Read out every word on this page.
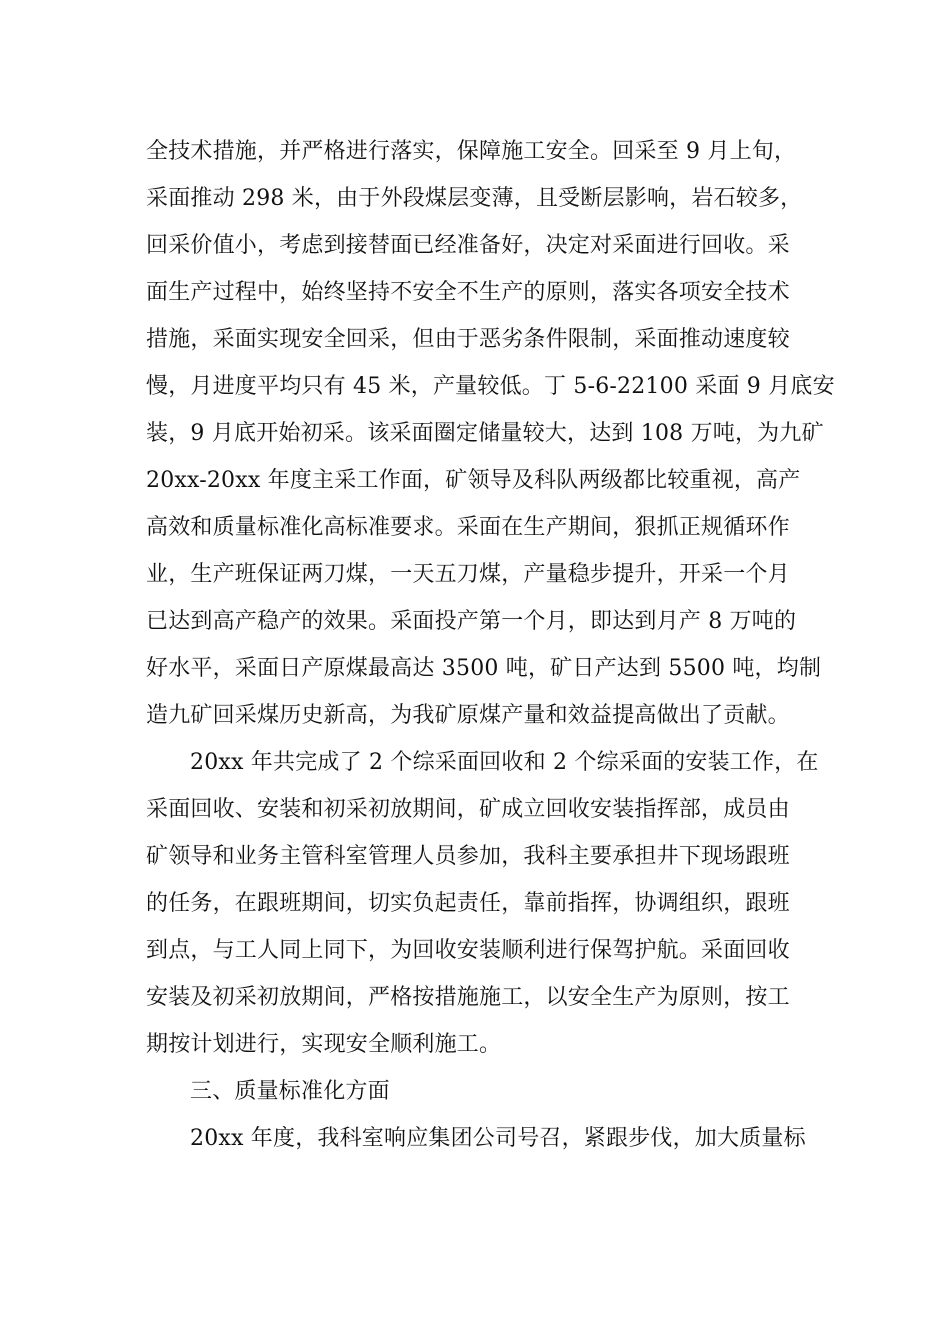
全技术措施，并严格进行落实，保障施工安全。回采至 9 月上旬，
采面推动 298 米，由于外段煤层变薄，且受断层影响，岩石较多，
回采价值小，考虑到接替面已经准备好，决定对采面进行回收。采
面生产过程中，始终坚持不安全不生产的原则，落实各项安全技术
措施，采面实现安全回采，但由于恶劣条件限制，采面推动速度较
慢，月进度平均只有 45 米，产量较低。丁 5-6-22100 采面 9 月底安
装，9 月底开始初采。该采面圈定储量较大，达到 108 万吨，为九矿
20xx-20xx 年度主采工作面，矿领导及科队两级都比较重视，高产
高效和质量标准化高标准要求。采面在生产期间，狠抓正规循环作
业，生产班保证两刀煤，一天五刀煤，产量稳步提升，开采一个月
已达到高产稳产的效果。采面投产第一个月，即达到月产 8 万吨的
好水平，采面日产原煤最高达 3500 吨，矿日产达到 5500 吨，均制
造九矿回采煤历史新高，为我矿原煤产量和效益提高做出了贡献。
20xx 年共完成了 2 个综采面回收和 2 个综采面的安装工作，在
采面回收、安装和初采初放期间，矿成立回收安装指挥部，成员由
矿领导和业务主管科室管理人员参加，我科主要承担井下现场跟班
的任务，在跟班期间，切实负起责任，靠前指挥，协调组织，跟班
到点，与工人同上同下，为回收安装顺利进行保驾护航。采面回收
安装及初采初放期间，严格按措施施工，以安全生产为原则，按工
期按计划进行，实现安全顺利施工。
三、质量标准化方面
20xx 年度，我科室响应集团公司号召，紧跟步伐，加大质量标
